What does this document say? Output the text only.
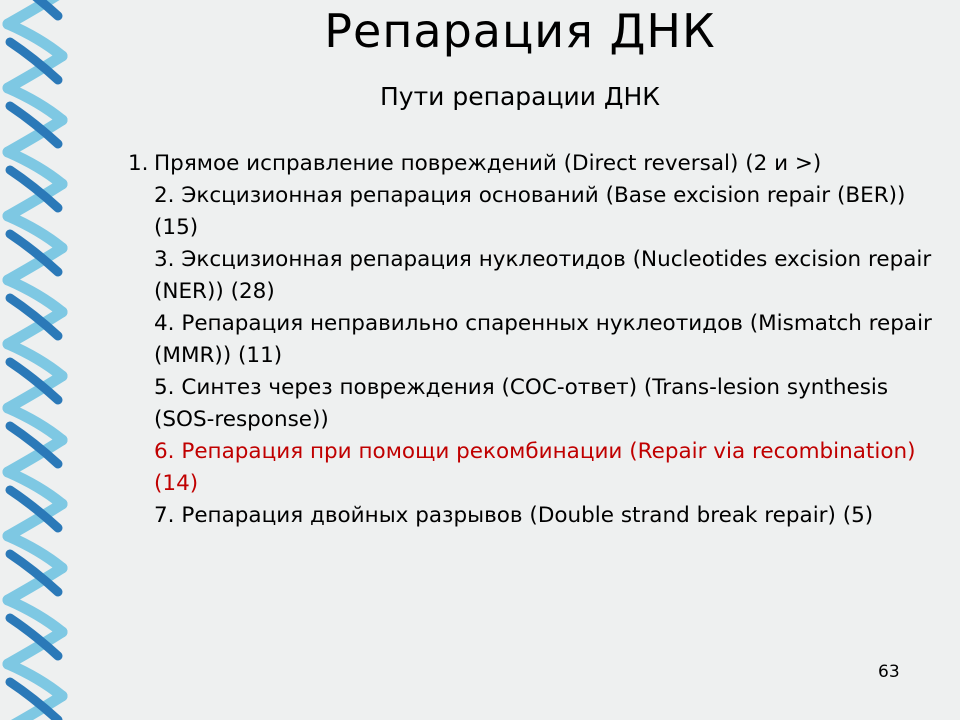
Репарация ДНК
Пути репарации ДНК
1. Прямое исправление повреждений (Direct reversal) (2 и >)
2. Эксцизионная репарация оснований (Base excision repair (BER)) (15)
3. Эксцизионная репарация нуклеотидов (Nucleotides excision repair (NER)) (28)
4. Репарация неправильно спаренных нуклеотидов (Mismatch repair (MMR)) (11)
5. Синтез через повреждения (СОС-ответ) (Trans-lesion synthesis (SOS-response))
6. Репарация при помощи рекомбинации (Repair via recombination) (14)
7. Репарация двойных разрывов (Double strand break repair) (5)
63
